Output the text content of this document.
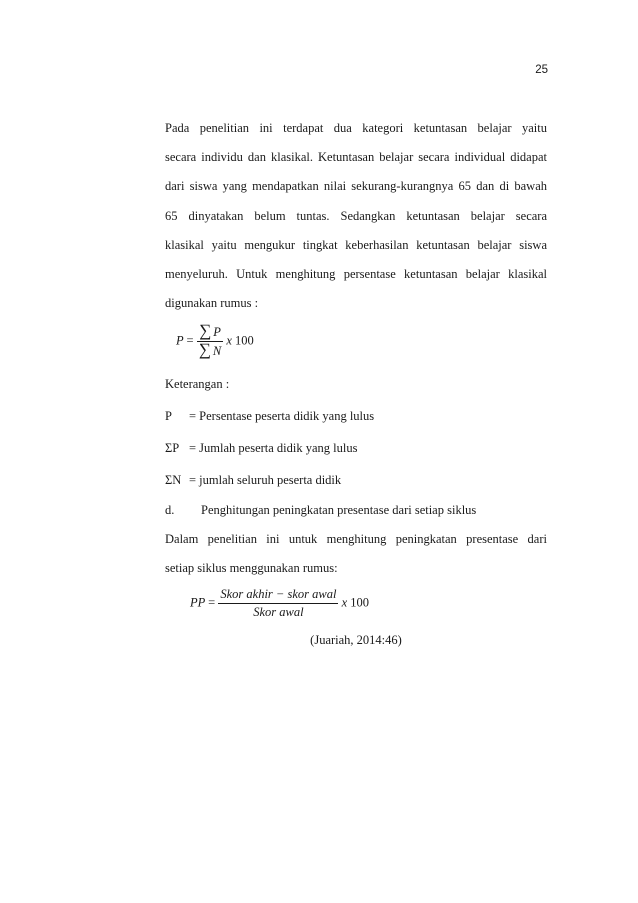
25

Pada penelitian ini terdapat dua kategori ketuntasan belajar yaitu
secara individu dan klasikal. Ketuntasan belajar secara individual didapat
dari siswa yang mendapatkan nilai sekurang-kurangnya 65 dan di bawah
65 dinyatakan belum tuntas. Sedangkan ketuntasan belajar secara
klasikal yaitu mengukur tingkat keberhasilan ketuntasan belajar siswa
menyeluruh. Untuk menghitung persentase ketuntasan belajar klasikal
digunakan rumus :

$P = \frac{\sum P}{\sum N}$ x 100
Keterangan :
P = Persentase peserta didik yang lulus
ΣP = Jumlah peserta didik yang lulus
ΣN = jumlah seluruh peserta didik
d. Penghitungan peningkatan presentase dari setiap siklus

Dalam penelitian ini untuk menghitung peningkatan presentase dari
setiap siklus menggunakan rumus:

PP = $\frac{\text{Skor akhir − skor awal}}{\text{Skor awal}}$ x 100
(Juariah, 2014:46)
